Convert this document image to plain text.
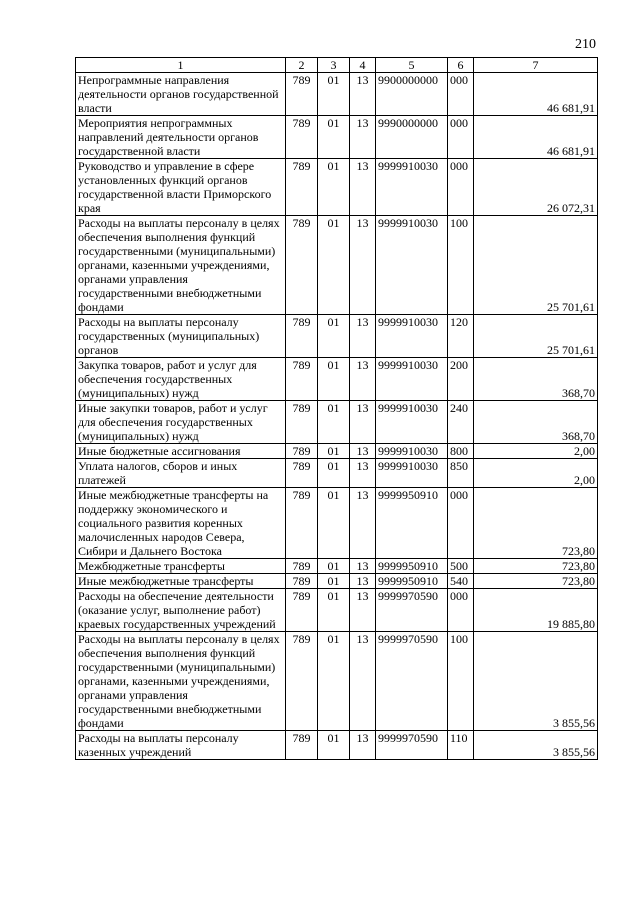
210
1	2	3	4	5	6	7
Непрограммные направления деятельности органов государственной власти	789	01	13	9900000000	000	46 681,91
Мероприятия непрограммных направлений деятельности органов государственной власти	789	01	13	9990000000	000	46 681,91
Руководство и управление в сфере установленных функций органов государственной власти Приморского края	789	01	13	9999910030	000	26 072,31
Расходы на выплаты персоналу в целях обеспечения выполнения функций государственными (муниципальными) органами, казенными учреждениями, органами управления государственными внебюджетными фондами	789	01	13	9999910030	100	25 701,61
Расходы на выплаты персоналу государственных (муниципальных) органов	789	01	13	9999910030	120	25 701,61
Закупка товаров, работ и услуг для обеспечения государственных (муниципальных) нужд	789	01	13	9999910030	200	368,70
Иные закупки товаров, работ и услуг для обеспечения государственных (муниципальных) нужд	789	01	13	9999910030	240	368,70
Иные бюджетные ассигнования	789	01	13	9999910030	800	2,00
Уплата налогов, сборов и иных платежей	789	01	13	9999910030	850	2,00
Иные межбюджетные трансферты на поддержку экономического и социального развития коренных малочисленных народов Севера, Сибири и Дальнего Востока	789	01	13	9999950910	000	723,80
Межбюджетные трансферты	789	01	13	9999950910	500	723,80
Иные межбюджетные трансферты	789	01	13	9999950910	540	723,80
Расходы на обеспечение деятельности (оказание услуг, выполнение работ) краевых государственных учреждений	789	01	13	9999970590	000	19 885,80
Расходы на выплаты персоналу в целях обеспечения выполнения функций государственными (муниципальными) органами, казенными учреждениями, органами управления государственными внебюджетными фондами	789	01	13	9999970590	100	3 855,56
Расходы на выплаты персоналу казенных учреждений	789	01	13	9999970590	110	3 855,56
